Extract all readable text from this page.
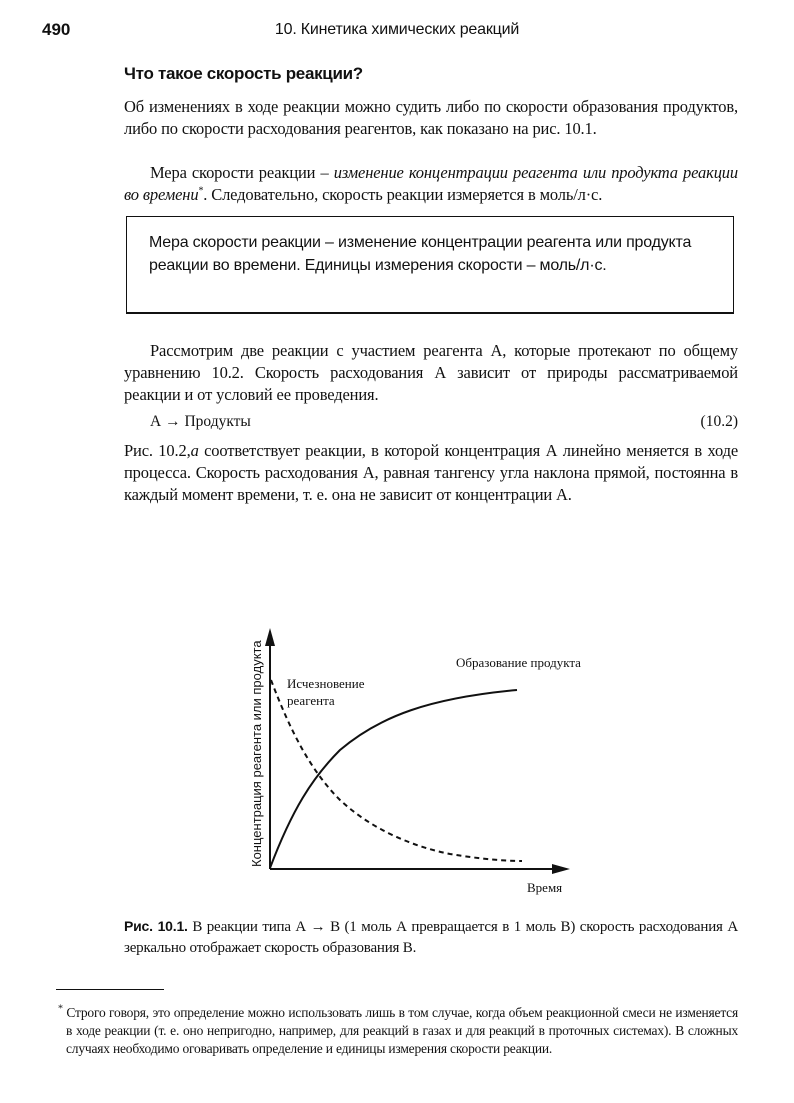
490	10. Кинетика химических реакций
Что такое скорость реакции?
Об изменениях в ходе реакции можно судить либо по скорости образования продуктов, либо по скорости расходования реагентов, как показано на рис. 10.1.
Мера скорости реакции – изменение концентрации реагента или продукта реакции во времени*. Следовательно, скорость реакции измеряется в моль/л·с.
Мера скорости реакции – изменение концентрации реагента или продукта реакции во времени. Единицы измерения скорости – моль/л·с.
Рассмотрим две реакции с участием реагента А, которые протекают по общему уравнению 10.2. Скорость расходования А зависит от природы рассматриваемой реакции и от условий ее проведения.
А → Продукты	(10.2)
Рис. 10.2,а соответствует реакции, в которой концентрация А линейно меняется в ходе процесса. Скорость расходования А, равная тангенсу угла наклона прямой, постоянна в каждый момент времени, т. е. она не зависит от концентрации А.
Образование продукта
Исчезновение
реагента
Время
Концентрация реагента или продукта
Рис. 10.1. В реакции типа А → В (1 моль А превращается в 1 моль В) скорость расходования А зеркально отображает скорость образования В.
* Строго говоря, это определение можно использовать лишь в том случае, когда объем реакционной смеси не изменяется в ходе реакции (т. е. оно непригодно, например, для реакций в газах и для реакций в проточных системах). В сложных случаях необходимо оговаривать определение и единицы измерения скорости реакции.
